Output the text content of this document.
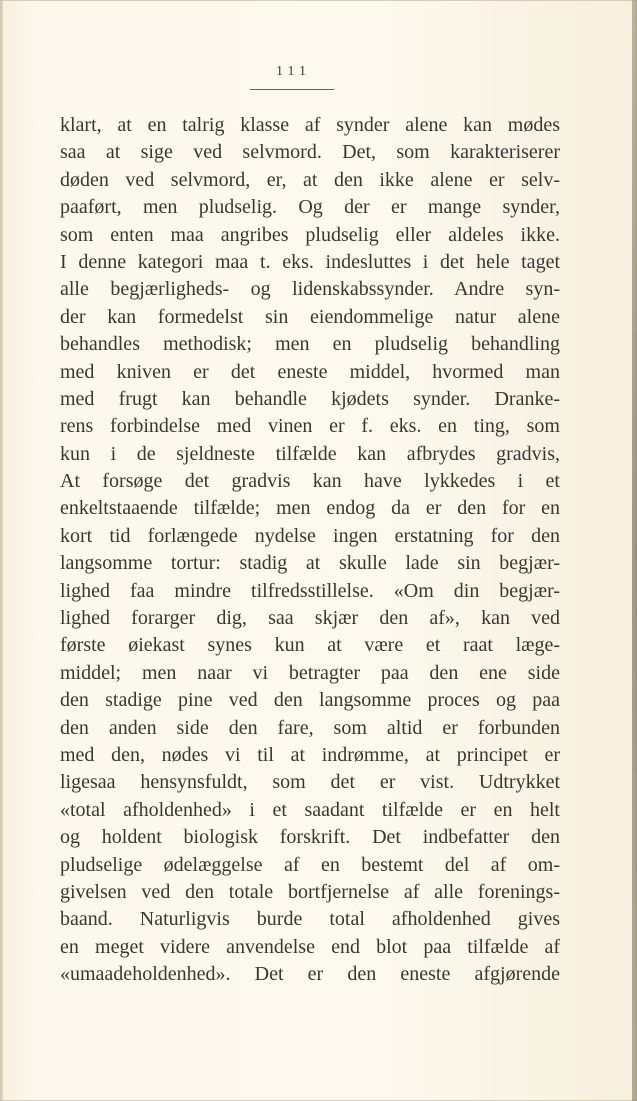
111
klart, at en talrig klasse af synder alene kan mødes
saa at sige ved selvmord. Det, som karakteriserer
døden ved selvmord, er, at den ikke alene er selv-
paaført, men pludselig. Og der er mange synder,
som enten maa angribes pludselig eller aldeles ikke.
I denne kategori maa t. eks. indesluttes i det hele taget
alle begjærligheds- og lidenskabssynder. Andre syn-
der kan formedelst sin eiendommelige natur alene
behandles methodisk; men en pludselig behandling
med kniven er det eneste middel, hvormed man
med frugt kan behandle kjødets synder. Dranke-
rens forbindelse med vinen er f. eks. en ting, som
kun i de sjeldneste tilfælde kan afbrydes gradvis,
At forsøge det gradvis kan have lykkedes i et
enkeltstaaende tilfælde; men endog da er den for en
kort tid forlængede nydelse ingen erstatning for den
langsomme tortur: stadig at skulle lade sin begjær-
lighed faa mindre tilfredsstillelse. «Om din begjær-
lighed forarger dig, saa skjær den af», kan ved
første øiekast synes kun at være et raat læge-
middel; men naar vi betragter paa den ene side
den stadige pine ved den langsomme proces og paa
den anden side den fare, som altid er forbunden
med den, nødes vi til at indrømme, at principet er
ligesaa hensynsfuldt, som det er vist. Udtrykket
«total afholdenhed» i et saadant tilfælde er en helt
og holdent biologisk forskrift. Det indbefatter den
pludselige ødelæggelse af en bestemt del af om-
givelsen ved den totale bortfjernelse af alle forenings-
baand. Naturligvis burde total afholdenhed gives
en meget videre anvendelse end blot paa tilfælde af
«umaadeholdenhed». Det er den eneste afgjørende
